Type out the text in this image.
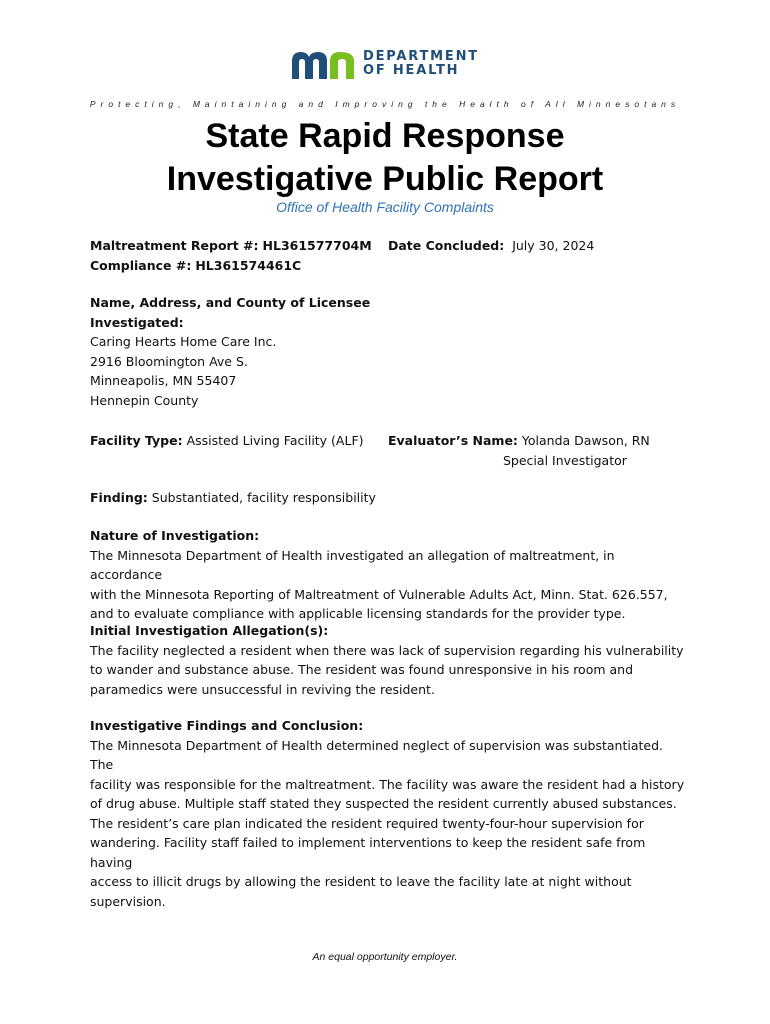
DEPARTMENT
OF HEALTH
Protecting, Maintaining and Improving the Health of All Minnesotans
State Rapid Response
Investigative Public Report
Office of Health Facility Complaints

Maltreatment Report #: HL361577704M

Compliance #: HL361574461C

Date Concluded: July 30, 2024

Name, Address, and County of Licensee

Investigated:

Caring Hearts Home Care Inc.

2916 Bloomington Ave S.

Minneapolis, MN 55407

Hennepin County

Facility Type: Assisted Living Facility (ALF)	Evaluator’s Name: Yolanda Dawson, RN

Special Investigator

Finding: Substantiated, facility responsibility

Nature of Investigation:

The Minnesota Department of Health investigated an allegation of maltreatment, in accordance

with the Minnesota Reporting of Maltreatment of Vulnerable Adults Act, Minn. Stat. 626.557,

and to evaluate compliance with applicable licensing standards for the provider type.

Initial Investigation Allegation(s):

The facility neglected a resident when there was lack of supervision regarding his vulnerability

to wander and substance abuse. The resident was found unresponsive in his room and

paramedics were unsuccessful in reviving the resident.

Investigative Findings and Conclusion:

The Minnesota Department of Health determined neglect of supervision was substantiated. The

facility was responsible for the maltreatment. The facility was aware the resident had a history

of drug abuse. Multiple staff stated they suspected the resident currently abused substances.

The resident’s care plan indicated the resident required twenty-four-hour supervision for

wandering. Facility staff failed to implement interventions to keep the resident safe from having

access to illicit drugs by allowing the resident to leave the facility late at night without

supervision.

An equal opportunity employer.
